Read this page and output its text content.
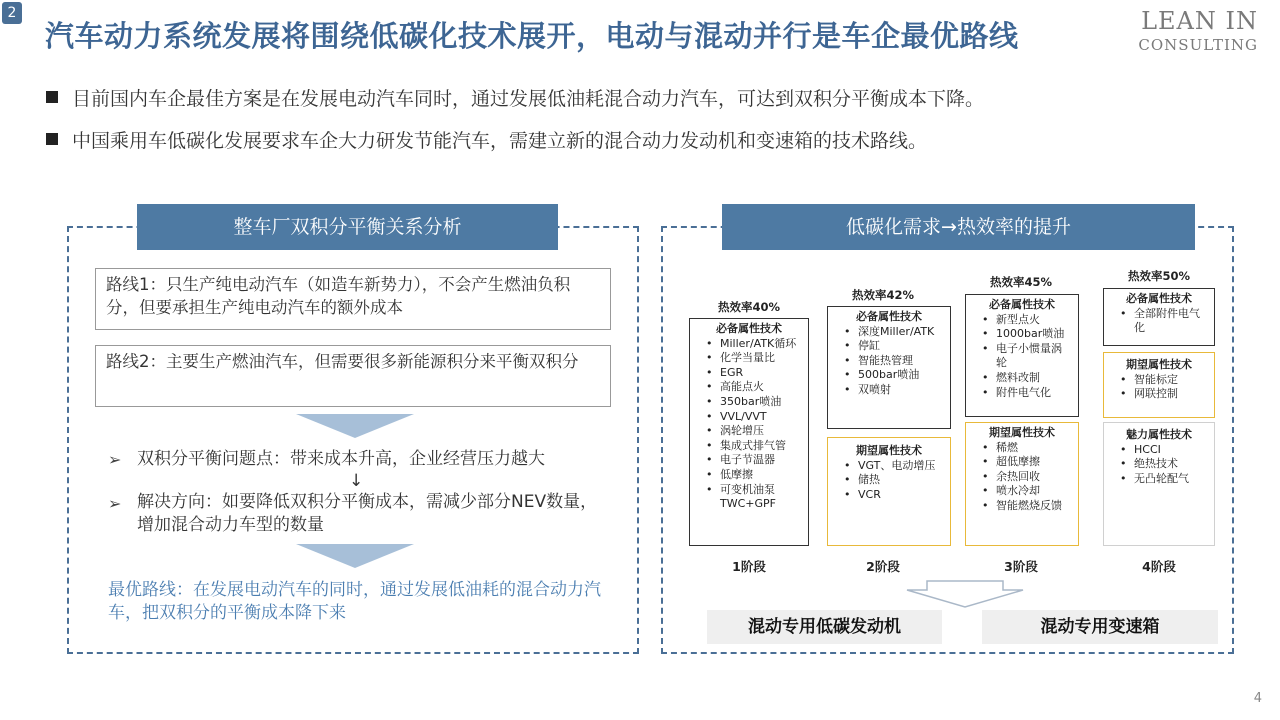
2
汽车动力系统发展将围绕低碳化技术展开，电动与混动并行是车企最优路线	LEAN IN
CONSULTING
目前国内车企最佳方案是在发展电动汽车同时，通过发展低油耗混合动力汽车，可达到双积分平衡成本下降。
中国乘用车低碳化发展要求车企大力研发节能汽车，需建立新的混合动力发动机和变速箱的技术路线。
整车厂双积分平衡关系分析
路线1：只生产纯电动汽车（如造车新势力），不会产生燃油负积分，但要承担生产纯电动汽车的额外成本
路线2：主要生产燃油汽车，但需要很多新能源积分来平衡双积分
➢ 双积分平衡问题点：带来成本升高，企业经营压力越大
↓
➢ 解决方向：如要降低双积分平衡成本，需减少部分NEV数量，增加混合动力车型的数量
最优路线：在发展电动汽车的同时，通过发展低油耗的混合动力汽车，把双积分的平衡成本降下来
低碳化需求→热效率的提升
热效率40%
必备属性技术
• Miller/ATK循环
• 化学当量比
• EGR
• 高能点火
• 350bar喷油
• VVL/VVT
• 涡轮增压
• 集成式排气管
• 电子节温器
• 低摩擦
• 可变机油泵
TWC+GPF
1阶段
热效率42%
必备属性技术
• 深度Miller/ATK
• 停缸
• 智能热管理
• 500bar喷油
• 双喷射
期望属性技术
• VGT、电动增压
• 储热
• VCR
2阶段
热效率45%
必备属性技术
• 新型点火
• 1000bar喷油
• 电子小惯量涡轮
• 燃料改制
• 附件电气化
期望属性技术
• 稀燃
• 超低摩擦
• 余热回收
• 喷水冷却
• 智能燃烧反馈
3阶段
热效率50%
必备属性技术
• 全部附件电气化
期望属性技术
• 智能标定
• 网联控制
魅力属性技术
• HCCI
• 绝热技术
• 无凸轮配气
4阶段
混动专用低碳发动机	混动专用变速箱
4
